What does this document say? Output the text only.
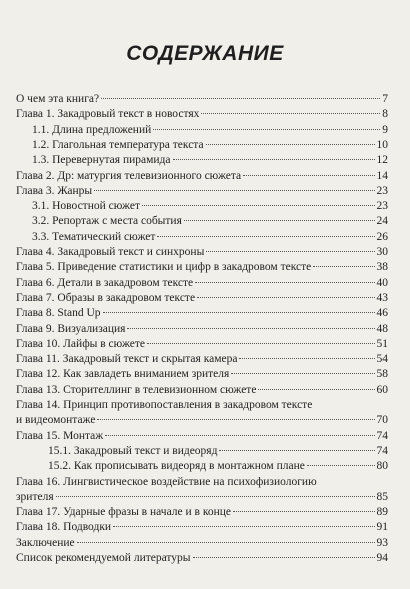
СОДЕРЖАНИЕ
О чем эта книга?	7
Глава 1. Закадровый текст в новостях	8
1.1. Длина предложений	9
1.2. Глагольная температура текста	10
1.3. Перевернутая пирамида	12
Глава 2. Др: матургия телевизионного сюжета	14
Глава 3. Жанры	23
3.1. Новостной сюжет	23
3.2. Репортаж с места события	24
3.3. Тематический сюжет	26
Глава 4. Закадровый текст и синхроны	30
Глава 5. Приведение статистики и цифр в закадровом тексте	38
Глава 6. Детали в закадровом тексте	40
Глава 7. Образы в закадровом тексте	43
Глава 8. Stand Up	46
Глава 9. Визуализация	48
Глава 10. Лайфы в сюжете	51
Глава 11. Закадровый текст и скрытая камера	54
Глава 12. Как завладеть вниманием зрителя	58
Глава 13. Сторителлинг в телевизионном сюжете	60
Глава 14. Принцип противопоставления в закадровом тексте
и видеомонтаже	70
Глава 15. Монтаж	74
15.1. Закадровый текст и видеоряд	74
15.2. Как прописывать видеоряд в монтажном плане	80
Глава 16. Лингвистическое воздействие на психофизиологию
зрителя	85
Глава 17. Ударные фразы в начале и в конце	89
Глава 18. Подводки	91
Заключение	93
Список рекомендуемой литературы	94
